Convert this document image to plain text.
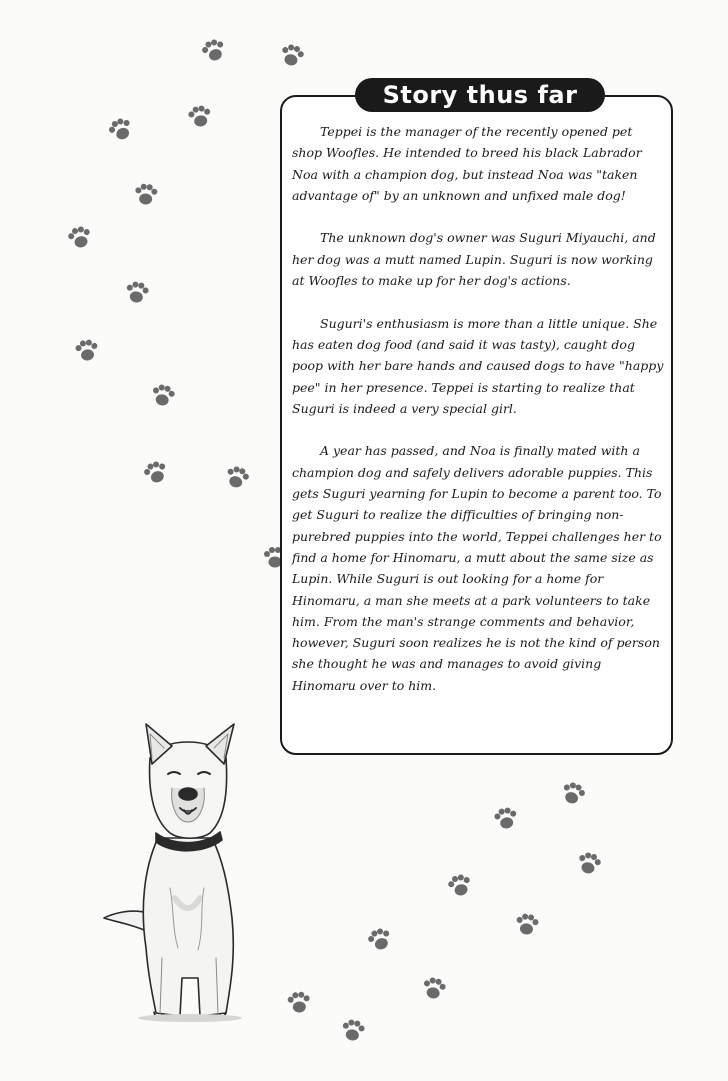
Story thus far

Teppei is the manager of the recently opened pet shop Woofles. He intended to breed his black Labrador Noa with a champion dog, but instead Noa was "taken advantage of" by an unknown and unfixed male dog!

The unknown dog's owner was Suguri Miyauchi, and her dog was a mutt named Lupin. Suguri is now working at Woofles to make up for her dog's actions.

Suguri's enthusiasm is more than a little unique. She has eaten dog food (and said it was tasty), caught dog poop with her bare hands and caused dogs to have "happy pee" in her presence. Teppei is starting to realize that Suguri is indeed a very special girl.

A year has passed, and Noa is finally mated with a champion dog and safely delivers adorable puppies. This gets Suguri yearning for Lupin to become a parent too. To get Suguri to realize the difficulties of bringing non-purebred puppies into the world, Teppei challenges her to find a home for Hinomaru, a mutt about the same size as Lupin. While Suguri is out looking for a home for Hinomaru, a man she meets at a park volunteers to take him. From the man's strange comments and behavior, however, Suguri soon realizes he is not the kind of person she thought he was and manages to avoid giving Hinomaru over to him.
